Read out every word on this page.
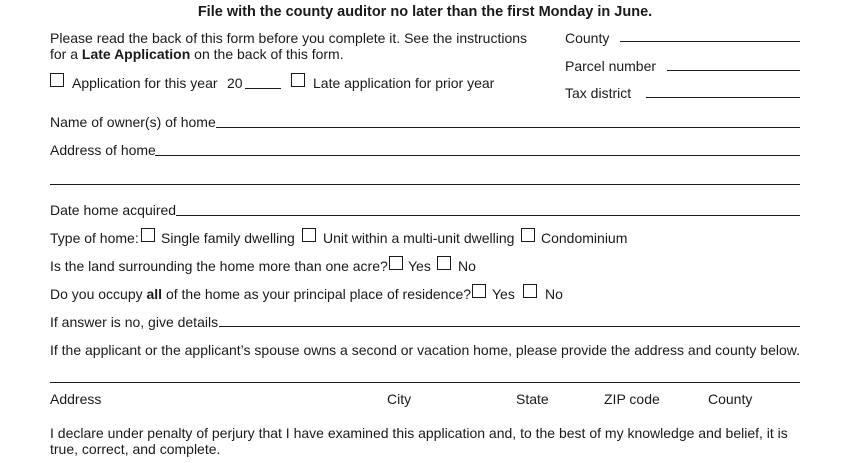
File with the county auditor no later than the first Monday in June.
Please read the back of this form before you complete it. See the instructions
for a Late Application on the back of this form.
Application for this year 20	Late application for prior year
County
Parcel number
Tax district
Name of owner(s) of home
Address of home
Date home acquired
Type of home: Single family dwelling Unit within a multi-unit dwelling Condominium
Is the land surrounding the home more than one acre? Yes No
Do you occupy all of the home as your principal place of residence? Yes No
If answer is no, give details
If the applicant or the applicant’s spouse owns a second or vacation home, please provide the address and county below.
Address	City	State	ZIP code	County
I declare under penalty of perjury that I have examined this application and, to the best of my knowledge and belief, it is
true, correct, and complete.
